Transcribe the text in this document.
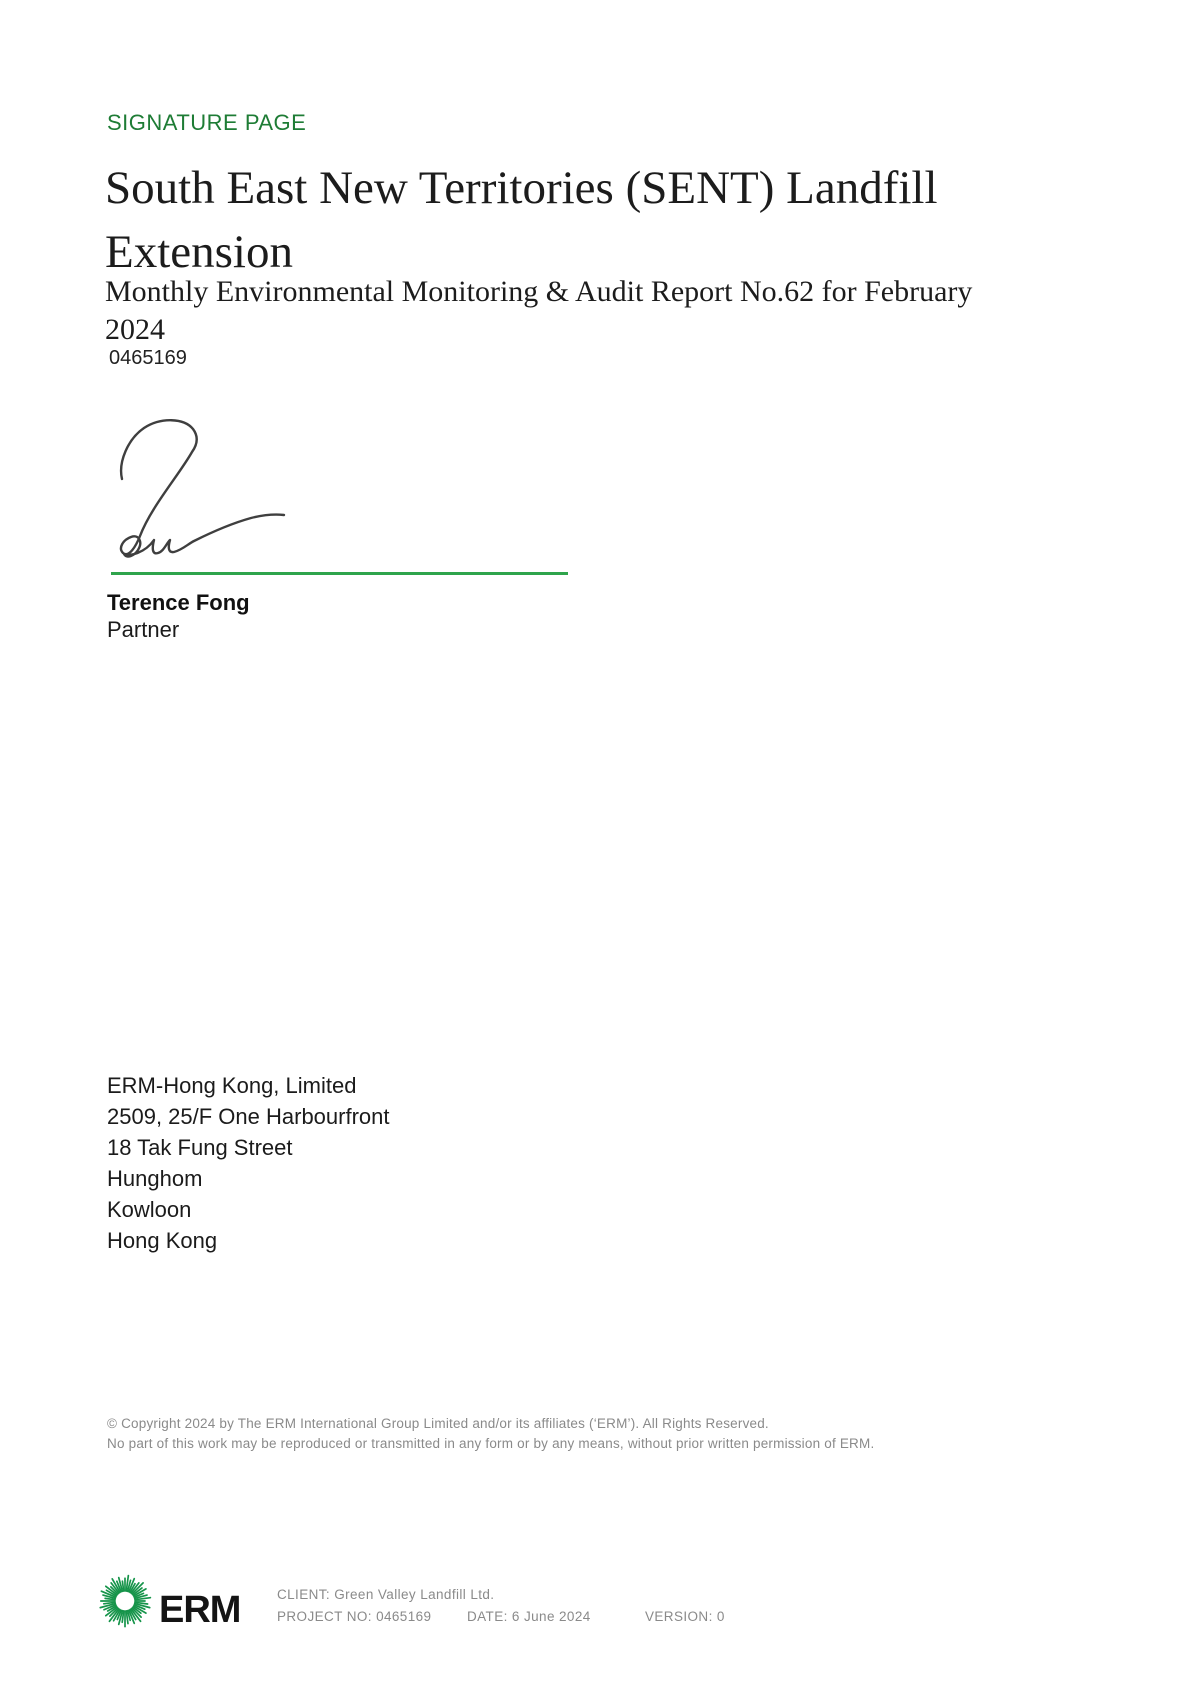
SIGNATURE PAGE
South East New Territories (SENT) Landfill
Extension
Monthly Environmental Monitoring & Audit Report No.62 for February
2024
0465169
Terence Fong
Partner
ERM-Hong Kong, Limited
2509, 25/F One Harbourfront
18 Tak Fung Street
Hunghom
Kowloon
Hong Kong
© Copyright 2024 by The ERM International Group Limited and/or its affiliates (‘ERM’). All Rights Reserved.
No part of this work may be reproduced or transmitted in any form or by any means, without prior written permission of ERM.
ERM	CLIENT: Green Valley Landfill Ltd.
PROJECT NO: 0465169	DATE: 6 June 2024	VERSION: 0
